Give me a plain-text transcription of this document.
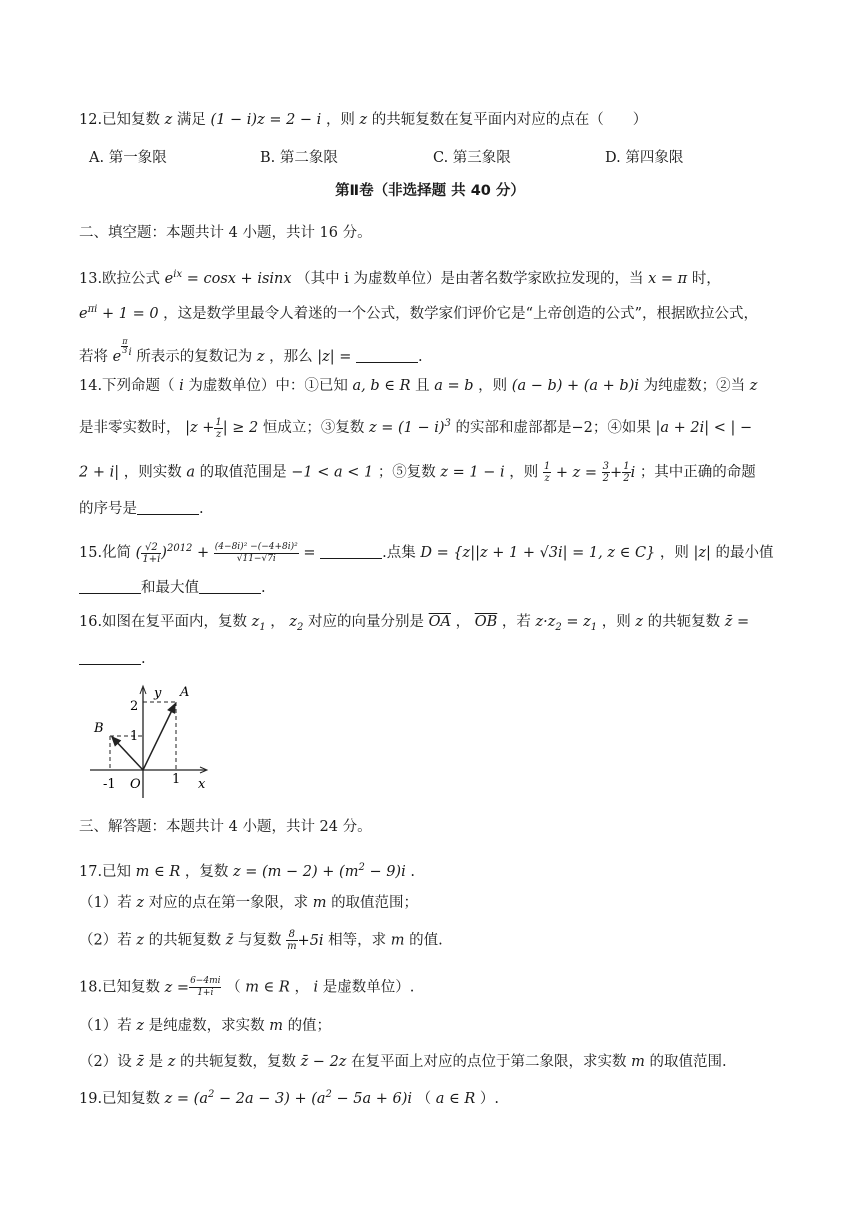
12.已知复数 z 满足 (1 − i)z = 2 − i ，则 z 的共轭复数在复平面内对应的点在（　　）
A. 第一象限	B. 第二象限	C. 第三象限	D. 第四象限
第Ⅱ卷（非选择题 共 40 分）
二、填空题：本题共计 4 小题，共计 16 分。
13.欧拉公式 $e^{ix} = \cos x + isinx$ （其中 i 为虚数单位）是由著名数学家欧拉发现的，当 x = π 时，
$e^{\pi i} + 1 = 0$ ，这是数学里最令人着迷的一个公式，数学家们评价它是“上帝创造的公式”，根据欧拉公式，
若将 e
$\frac{\pi}{3} ^i$ 所表示的复数记为 z ，那么 |z| =	.
14.下列命题（ i 为虚数单位）中：①已知 a, b ∈ R 且 a = b ，则 (a − b) + (a + b)i 为纯虚数；②当 z
是非零实数时， $|z + \frac{1}{z}$ | ≥ 2 恒成立；③复数 $z = (1 - i)^3$ 的实部和虚部都是−2；④如果 |a + 2i| < | −
2 + i| ，则实数 a 的取值范围是 −1 < a < 1 ；⑤复数 z = 1 − i ，则 $\frac{1}{z} + z = \frac{3}{2} + \frac{1}{2}$ i ；其中正确的命题
的序号是	.
15.化简 ( $\frac{√2}{1+i} )^{2012} + \frac{\text{(4−8i)² −(−4+8i)²}}{√11-√7i}$ =	.点集 D = {z||z + 1 + √3i| = 1, z ∈ C} ，则 |z| 的最小值
和最大值	.
16.如图在复平面内，复数 $z_1$ ， $z_2$ 对应的向量分别是 $\overline{OA}$ ， $\overline{OB}$ ，若 $z\cdot z_2 = z_1$ ，则 z 的共轭复数 z̄ =
.
y
x
A
B
O
2
1
-1	1
三、解答题：本题共计 4 小题，共计 24 分。
17.已知 m ∈ R ，复数 $z = (m - 2) + (m^2 - 9)i$ .
（1）若 z 对应的点在第一象限，求 m 的取值范围；
（2）若 z 的共轭复数 z̄ 与复数 $\frac{8}{m} +5i$ 相等，求 m 的值.
18.已知复数 $z = \frac{6-4mi}{1+i}$ （ m ∈ R ， i 是虚数单位）.
（1）若 z 是纯虚数，求实数 m 的值；
（2）设 z̄ 是 z 的共轭复数，复数 z̄ − 2z 在复平面上对应的点位于第二象限，求实数 m 的取值范围.
19.已知复数 $z = (a^2 - 2a - 3) + (a^2 - 5a + 6)i$ （ a ∈ R ）.
